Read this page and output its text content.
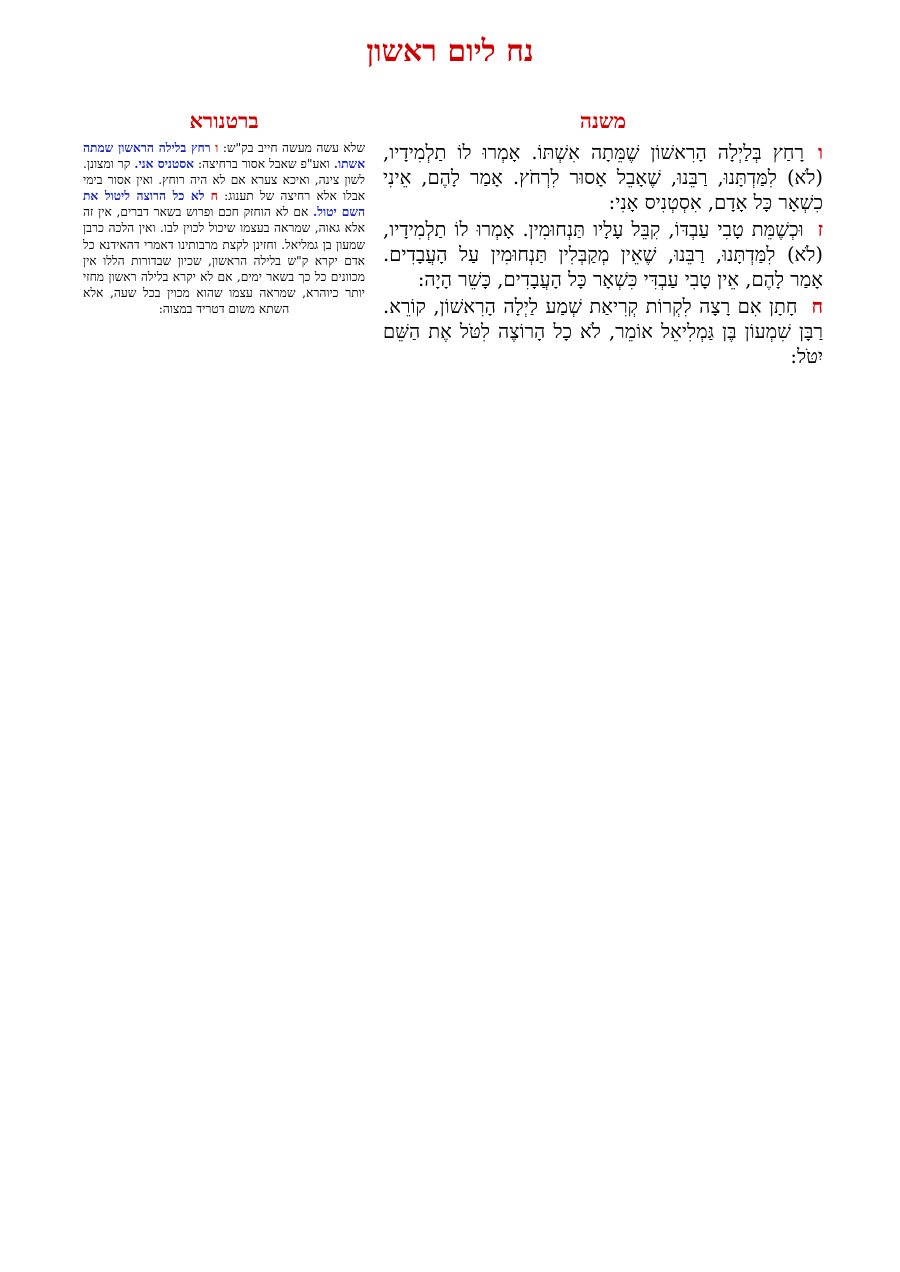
נח ליום ראשון
משנה

ורָחַץ בְּלַיְלָה הָרִאשׁוֹן שֶׁמֵּתָה אִשְׁתּוֹ. אָמְרוּ לוֹ תַלְמִידָיו, (לֹא) לִמַּדְתָּנוּ, רַבֵּנוּ, שֶׁאָבֵל אָסוּר לִרְחֹץ. אָמַר לָהֶם, אֵינִי כִשְׁאָר כָּל אָדָם, אִסְטְנִיס אָנִי:

זוּכְשֶׁמֵּת טָבִי עַבְדּוֹ, קִבֵּל עָלָיו תַּנְחוּמִין. אָמְרוּ לוֹ תַלְמִידָיו, (לֹא) לִמַּדְתָּנוּ, רַבֵּנוּ, שֶׁאֵין מְקַבְּלִין תַּנְחוּמִין עַל הָעֲבָדִים. אָמַר לָהֶם, אֵין טָבִי עַבְדִּי כִּשְׁאָר כָּל הָעֲבָדִים, כָּשֵׁר הָיָה:

חחָתָן אִם רָצָה לִקְרוֹת קְרִיאַת שְׁמַע לַיְלָה הָרִאשׁוֹן, קוֹרֵא. רַבָּן שִׁמְעוֹן בֶּן גַּמְלִיאֵל אוֹמֵר, לֹא כָל הָרוֹצֶה לִטֹּל אֶת הַשֵּׁם יִטֹּל:

ברטנורא
שלא עשה מעשה חייב בק"ש: ו רחץ בלילה הראשון שמתה אשתו. ואע"פ שאבל אסור ברחיצה: אסטניס אני. קר ומצונן. לשון צינה, ואיכא צערא אם לא היה רוחץ. ואין אסור בימי אבלו אלא רחיצה של תענוג: ח לא כל הרוצה ליטול את השם יטול. אם לא הוחזק חכם ופרוש בשאר דברים, אין זה אלא גאוה, שמראה בעצמו שיכול לכוין לבו. ואין הלכה כרבן שמעון בן גמליאל. וחזינן לקצת מרבותינו דאמרי דהאידנא כל אדם יקרא ק"ש בלילה הראשון, שכיון שבדורות הללו אין מכוונים כל כך בשאר ימים, אם לא יקרא בלילה ראשון מחזי יותר כיוהרא, שמראה עצמו שהוא מכוין בכל שעה, אלא השתא משום דטריד במצוה:
